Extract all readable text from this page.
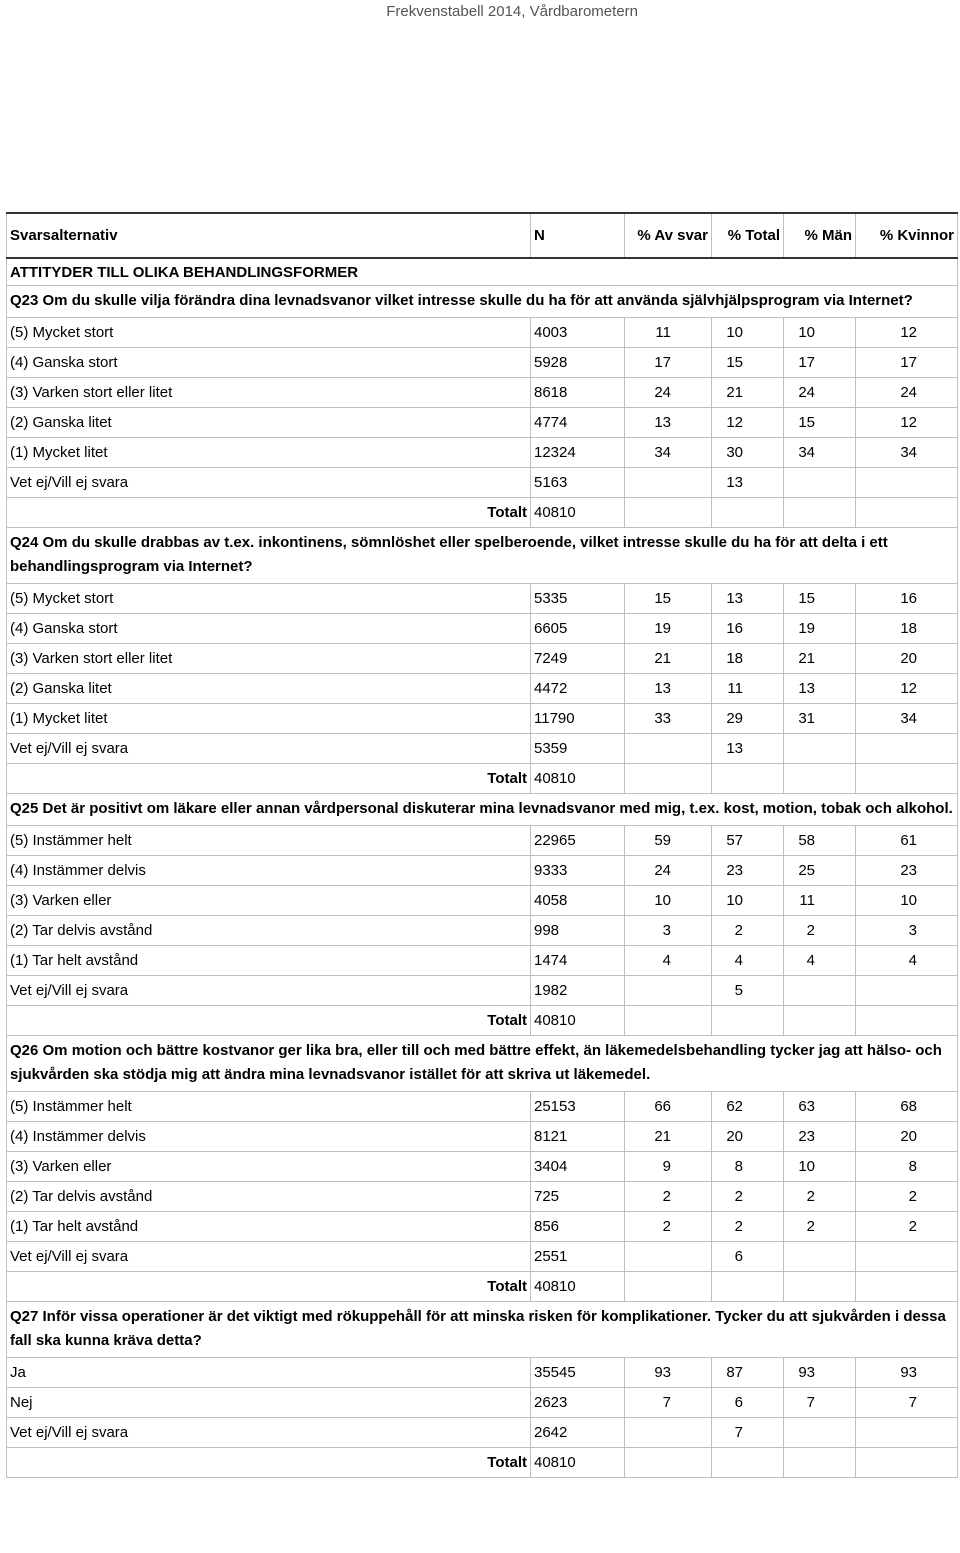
Frekvenstabell 2014, Vårdbarometern
Svarsalternativ	N	% Av svar	% Total	% Män	% Kvinnor
ATTITYDER TILL OLIKA BEHANDLINGSFORMER					
Q23 Om du skulle vilja förändra dina levnadsvanor vilket intresse skulle du ha för att använda självhjälpsprogram via Internet?					
(5) Mycket stort	4003	11	10	10	12
(4) Ganska stort	5928	17	15	17	17
(3) Varken stort eller litet	8618	24	21	24	24
(2) Ganska litet	4774	13	12	15	12
(1) Mycket litet	12324	34	30	34	34
Vet ej/Vill ej svara	5163		13		
Totalt	40810				
Q24 Om du skulle drabbas av t.ex. inkontinens, sömnlöshet eller spelberoende, vilket intresse skulle du ha för att delta i ett behandlingsprogram via Internet?					
(5) Mycket stort	5335	15	13	15	16
(4) Ganska stort	6605	19	16	19	18
(3) Varken stort eller litet	7249	21	18	21	20
(2) Ganska litet	4472	13	11	13	12
(1) Mycket litet	11790	33	29	31	34
Vet ej/Vill ej svara	5359		13		
Totalt	40810				
Q25 Det är positivt om läkare eller annan vårdpersonal diskuterar mina levnadsvanor med mig, t.ex. kost, motion, tobak och alkohol.					
(5) Instämmer helt	22965	59	57	58	61
(4) Instämmer delvis	9333	24	23	25	23
(3) Varken eller	4058	10	10	11	10
(2) Tar delvis avstånd	998	3	2	2	3
(1) Tar helt avstånd	1474	4	4	4	4
Vet ej/Vill ej svara	1982		5		
Totalt	40810				
Q26 Om motion och bättre kostvanor ger lika bra, eller till och med bättre effekt, än läkemedelsbehandling tycker jag att hälso- och sjukvården ska stödja mig att ändra mina levnadsvanor istället för att skriva ut läkemedel.					
(5) Instämmer helt	25153	66	62	63	68
(4) Instämmer delvis	8121	21	20	23	20
(3) Varken eller	3404	9	8	10	8
(2) Tar delvis avstånd	725	2	2	2	2
(1) Tar helt avstånd	856	2	2	2	2
Vet ej/Vill ej svara	2551		6		
Totalt	40810				
Q27 Inför vissa operationer är det viktigt med rökuppehåll för att minska risken för komplikationer. Tycker du att sjukvården i dessa fall ska kunna kräva detta?					
Ja	35545	93	87	93	93
Nej	2623	7	6	7	7
Vet ej/Vill ej svara	2642		7		
Totalt	40810				
